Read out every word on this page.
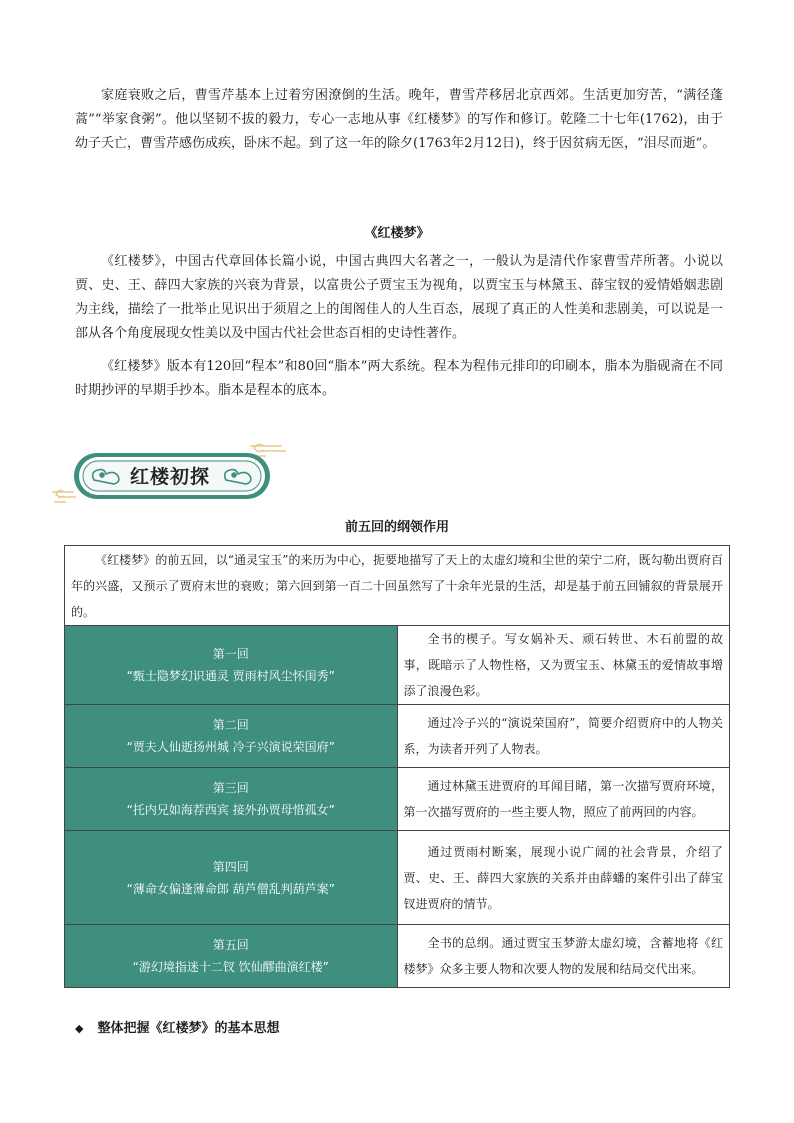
家庭衰败之后，曹雪芹基本上过着穷困潦倒的生活。晚年，曹雪芹移居北京西郊。生活更加穷苦，“满径蓬蒿”“举家食粥”。他以坚韧不拔的毅力，专心一志地从事《红楼梦》的写作和修订。乾隆二十七年(1762)，由于幼子夭亡，曹雪芹感伤成疾，卧床不起。到了这一年的除夕(1763年2月12日)，终于因贫病无医，“泪尽而逝”。

《红楼梦》

《红楼梦》，中国古代章回体长篇小说，中国古典四大名著之一，一般认为是清代作家曹雪芹所著。小说以贾、史、王、薛四大家族的兴衰为背景，以富贵公子贾宝玉为视角，以贾宝玉与林黛玉、薛宝钗的爱情婚姻悲剧为主线，描绘了一批举止见识出于须眉之上的闺阁佳人的人生百态，展现了真正的人性美和悲剧美，可以说是一部从各个角度展现女性美以及中国古代社会世态百相的史诗性著作。

《红楼梦》版本有120回“程本”和80回“脂本”两大系统。程本为程伟元排印的印刷本，脂本为脂砚斋在不同时期抄评的早期手抄本。脂本是程本的底本。

红楼初探
前五回的纲领作用
《红楼梦》的前五回，以“通灵宝玉”的来历为中心，扼要地描写了天上的太虚幻境和尘世的荣宁二府，既勾勒出贾府百年的兴盛，又预示了贾府末世的衰败；第六回到第一百二十回虽然写了十余年光景的生活，却是基于前五回铺叙的背景展开的。	

第一回
“甄士隐梦幻识通灵 贾雨村风尘怀闺秀”	全书的楔子。写女娲补天、顽石转世、木石前盟的故事，既暗示了人物性格，又为贾宝玉、林黛玉的爱情故事增添了浪漫色彩。

第二回
“贾夫人仙逝扬州城 冷子兴演说荣国府”	通过冷子兴的“演说荣国府”，简要介绍贾府中的人物关系，为读者开列了人物表。

第三回
“托内兄如海荐西宾 接外孙贾母惜孤女”	通过林黛玉进贾府的耳闻目睹，第一次描写贾府环境，第一次描写贾府的一些主要人物，照应了前两回的内容。

第四回
“薄命女偏逢薄命郎 葫芦僧乱判葫芦案”	通过贾雨村断案，展现小说广阔的社会背景，介绍了贾、史、王、薛四大家族的关系并由薛蟠的案件引出了薛宝钗进贾府的情节。

第五回
“游幻境指迷十二钗 饮仙醪曲演红楼”	全书的总纲。通过贾宝玉梦游太虚幻境，含蓄地将《红楼梦》众多主要人物和次要人物的发展和结局交代出来。
◆ 整体把握《红楼梦》的基本思想
